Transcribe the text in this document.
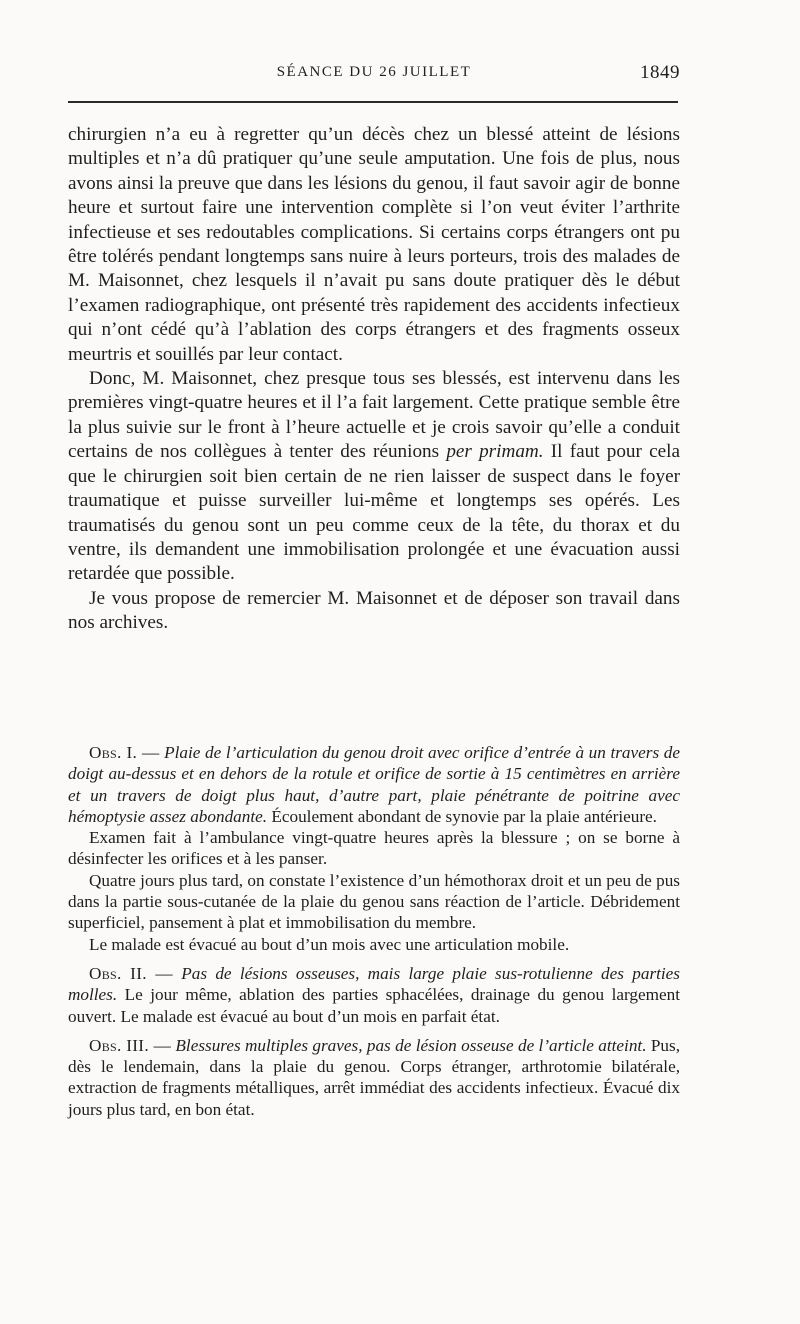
SÉANCE DU 26 JUILLET	1849

chirurgien n’a eu à regretter qu’un décès chez un blessé atteint de lésions multiples et n’a dû pratiquer qu’une seule amputation. Une fois de plus, nous avons ainsi la preuve que dans les lésions du genou, il faut savoir agir de bonne heure et surtout faire une intervention complète si l’on veut éviter l’arthrite infectieuse et ses redoutables complications. Si certains corps étrangers ont pu être tolérés pendant longtemps sans nuire à leurs porteurs, trois des malades de M. Maisonnet, chez lesquels il n’avait pu sans doute pratiquer dès le début l’examen radiographique, ont présenté très rapidement des accidents infectieux qui n’ont cédé qu’à l’ablation des corps étrangers et des fragments osseux meurtris et souillés par leur contact.

Donc, M. Maisonnet, chez presque tous ses blessés, est intervenu dans les premières vingt-quatre heures et il l’a fait largement. Cette pratique semble être la plus suivie sur le front à l’heure actuelle et je crois savoir qu’elle a conduit certains de nos collègues à tenter des réunions per primam. Il faut pour cela que le chirurgien soit bien certain de ne rien laisser de suspect dans le foyer traumatique et puisse surveiller lui-même et longtemps ses opérés. Les traumatisés du genou sont un peu comme ceux de la tête, du thorax et du ventre, ils demandent une immobilisation prolongée et une évacuation aussi retardée que possible.

Je vous propose de remercier M. Maisonnet et de déposer son travail dans nos archives.

Obs. I. — Plaie de l’articulation du genou droit avec orifice d’entrée à un travers de doigt au-dessus et en dehors de la rotule et orifice de sortie à 15 centimètres en arrière et un travers de doigt plus haut, d’autre part, plaie pénétrante de poitrine avec hémoptysie assez abondante. Écoulement abondant de synovie par la plaie antérieure.

Examen fait à l’ambulance vingt-quatre heures après la blessure ; on se borne à désinfecter les orifices et à les panser.

Quatre jours plus tard, on constate l’existence d’un hémothorax droit et un peu de pus dans la partie sous-cutanée de la plaie du genou sans réaction de l’article. Débridement superficiel, pansement à plat et immobilisation du membre.

Le malade est évacué au bout d’un mois avec une articulation mobile.

Obs. II. — Pas de lésions osseuses, mais large plaie sus-rotulienne des parties molles. Le jour même, ablation des parties sphacélées, drainage du genou largement ouvert. Le malade est évacué au bout d’un mois en parfait état.

Obs. III. — Blessures multiples graves, pas de lésion osseuse de l’article atteint. Pus, dès le lendemain, dans la plaie du genou. Corps étranger, arthrotomie bilatérale, extraction de fragments métalliques, arrêt immédiat des accidents infectieux. Évacué dix jours plus tard, en bon état.
